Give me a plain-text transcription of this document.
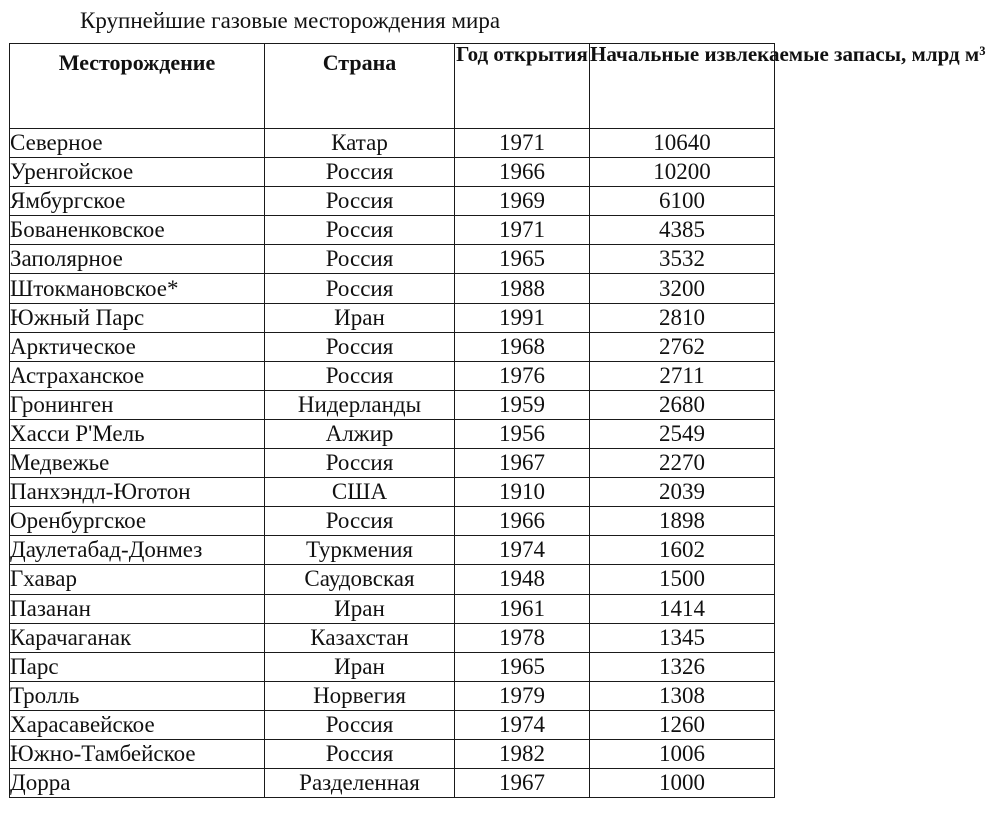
Крупнейшие газовые месторождения мира
Месторождение	Страна	Год открытия	Начальные извлекаемые запасы, млрд м³

Северное	Катар	1971	10640
Уренгойское	Россия	1966	10200
Ямбургское	Россия	1969	6100
Бованенковское	Россия	1971	4385
Заполярное	Россия	1965	3532
Штокмановское*	Россия	1988	3200
Южный Парс	Иран	1991	2810
Арктическое	Россия	1968	2762
Астраханское	Россия	1976	2711
Гронинген	Нидерланды	1959	2680
Хасси Р'Мель	Алжир	1956	2549
Медвежье	Россия	1967	2270
Панхэндл-Юготон	США	1910	2039
Оренбургское	Россия	1966	1898
Даулетабад-Донмез	Туркмения	1974	1602
Гхавар	Саудовская	1948	1500
Пазанан	Иран	1961	1414
Карачаганак	Казахстан	1978	1345
Парс	Иран	1965	1326
Тролль	Норвегия	1979	1308
Харасавейское	Россия	1974	1260
Южно-Тамбейское	Россия	1982	1006
Дорра	Разделенная	1967	1000
